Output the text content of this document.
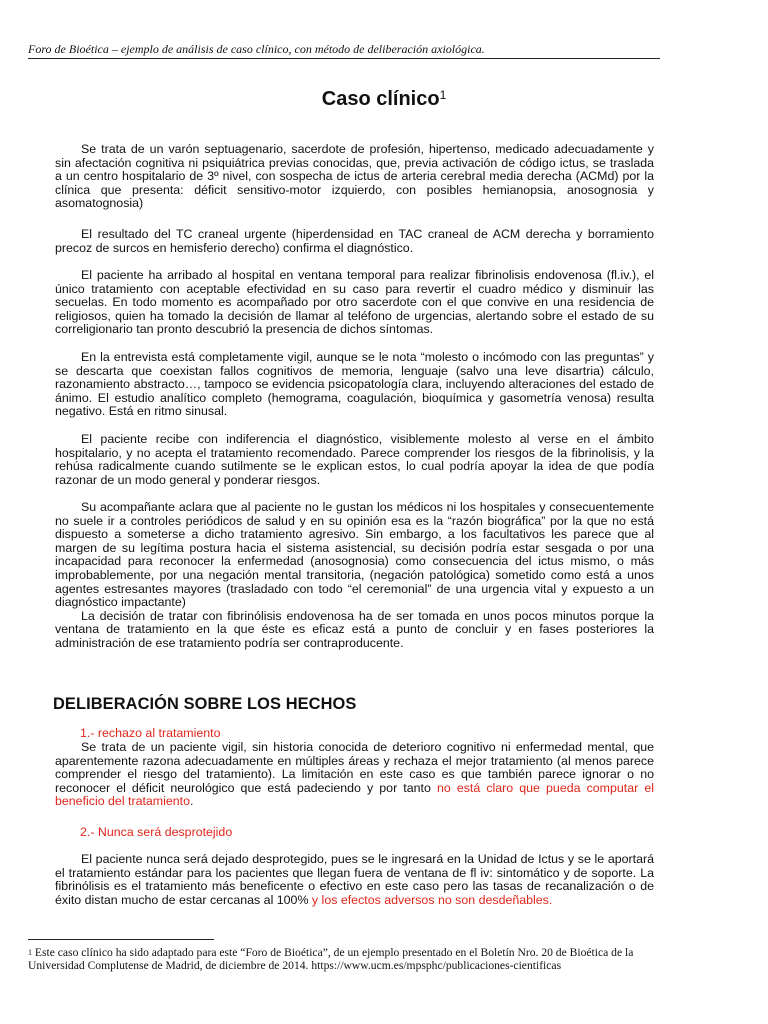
Foro de Bioética – ejemplo de análisis de caso clínico, con método de deliberación axiológica.
Caso clínico$^1$

Se trata de un varón septuagenario, sacerdote de profesión, hipertenso, medicado adecuadamente y sin afectación cognitiva ni psiquiátrica previas conocidas, que, previa activación de código ictus, se traslada a un centro hospitalario de 3º nivel, con sospecha de ictus de arteria cerebral media derecha (ACMd) por la clínica que presenta: déficit sensitivo-motor izquierdo, con posibles hemianopsia, anosognosia y asomatognosia)

El resultado del TC craneal urgente (hiperdensidad en TAC craneal de ACM derecha y borramiento precoz de surcos en hemisferio derecho) confirma el diagnóstico.

El paciente ha arribado al hospital en ventana temporal para realizar fibrinolisis endovenosa (fl.iv.), el único tratamiento con aceptable efectividad en su caso para revertir el cuadro médico y disminuir las secuelas. En todo momento es acompañado por otro sacerdote con el que convive en una residencia de religiosos, quien ha tomado la decisión de llamar al teléfono de urgencias, alertando sobre el estado de su correligionario tan pronto descubrió la presencia de dichos síntomas.

En la entrevista está completamente vigil, aunque se le nota “molesto o incómodo con las preguntas” y se descarta que coexistan fallos cognitivos de memoria, lenguaje (salvo una leve disartria) cálculo, razonamiento abstracto…, tampoco se evidencia psicopatología clara, incluyendo alteraciones del estado de ánimo. El estudio analítico completo (hemograma, coagulación, bioquímica y gasometría venosa) resulta negativo. Está en ritmo sinusal.

El paciente recibe con indiferencia el diagnóstico, visiblemente molesto al verse en el ámbito hospitalario, y no acepta el tratamiento recomendado. Parece comprender los riesgos de la fibrinolisis, y la rehúsa radicalmente cuando sutilmente se le explican estos, lo cual podría apoyar la idea de que podía razonar de un modo general y ponderar riesgos.

Su acompañante aclara que al paciente no le gustan los médicos ni los hospitales y consecuentemente no suele ir a controles periódicos de salud y en su opinión esa es la “razón biográfica” por la que no está dispuesto a someterse a dicho tratamiento agresivo. Sin embargo, a los facultativos les parece que al margen de su legítima postura hacia el sistema asistencial, su decisión podría estar sesgada o por una incapacidad para reconocer la enfermedad (anosognosia) como consecuencia del ictus mismo, o más improbablemente, por una negación mental transitoria, (negación patológica) sometido como está a unos agentes estresantes mayores (trasladado con todo “el ceremonial” de una urgencia vital y expuesto a un diagnóstico impactante)

La decisión de tratar con fibrinólisis endovenosa ha de ser tomada en unos pocos minutos porque la ventana de tratamiento en la que éste es eficaz está a punto de concluir y en fases posteriores la administración de ese tratamiento podría ser contraproducente.

DELIBERACIÓN SOBRE LOS HECHOS
1.- rechazo al tratamiento

Se trata de un paciente vigil, sin historia conocida de deterioro cognitivo ni enfermedad mental, que aparentemente razona adecuadamente en múltiples áreas y rechaza el mejor tratamiento (al menos parece comprender el riesgo del tratamiento). La limitación en este caso es que también parece ignorar o no reconocer el déficit neurológico que está padeciendo y por tanto no está claro que pueda computar el beneficio del tratamiento.

2.- Nunca será desprotejido

El paciente nunca será dejado desprotegido, pues se le ingresará en la Unidad de Ictus y se le aportará el tratamiento estándar para los pacientes que llegan fuera de ventana de fl iv: sintomático y de soporte. La fibrinólisis es el tratamiento más beneficente o efectivo en este caso pero las tasas de recanalización o de éxito distan mucho de estar cercanas al 100% y los efectos adversos no son desdeñables.

$^1$ Este caso clínico ha sido adaptado para este “Foro de Bioética”, de un ejemplo presentado en el Boletín Nro. 20 de Bioética de la Universidad Complutense de Madrid, de diciembre de 2014. https://www.ucm.es/mpsphc/publicaciones-cientificas
